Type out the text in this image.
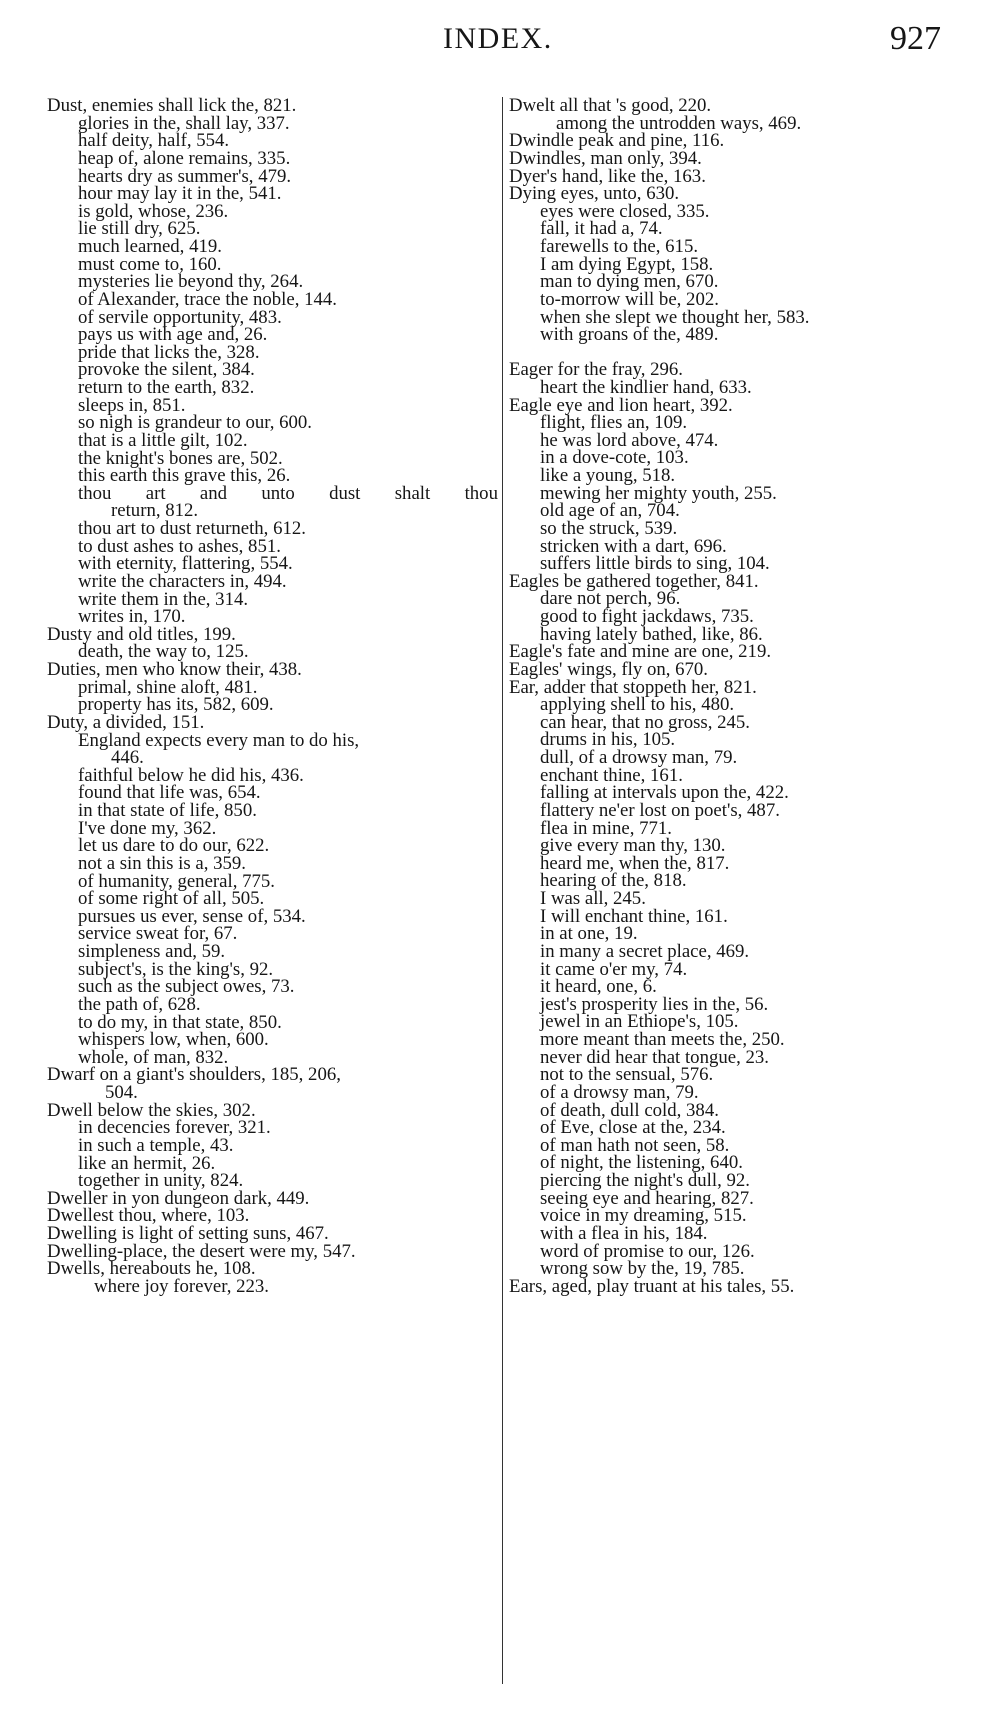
INDEX.	927
Dust, enemies shall lick the, 821.
glories in the, shall lay, 337.
half deity, half, 554.
heap of, alone remains, 335.
hearts dry as summer's, 479.
hour may lay it in the, 541.
is gold, whose, 236.
lie still dry, 625.
much learned, 419.
must come to, 160.
mysteries lie beyond thy, 264.
of Alexander, trace the noble, 144.
of servile opportunity, 483.
pays us with age and, 26.
pride that licks the, 328.
provoke the silent, 384.
return to the earth, 832.
sleeps in, 851.
so nigh is grandeur to our, 600.
that is a little gilt, 102.
the knight's bones are, 502.
this earth this grave this, 26.
thou art and unto dust shalt thou
return, 812.
thou art to dust returneth, 612.
to dust ashes to ashes, 851.
with eternity, flattering, 554.
write the characters in, 494.
write them in the, 314.
writes in, 170.
Dusty and old titles, 199.
death, the way to, 125.
Duties, men who know their, 438.
primal, shine aloft, 481.
property has its, 582, 609.
Duty, a divided, 151.
England expects every man to do his,
446.
faithful below he did his, 436.
found that life was, 654.
in that state of life, 850.
I've done my, 362.
let us dare to do our, 622.
not a sin this is a, 359.
of humanity, general, 775.
of some right of all, 505.
pursues us ever, sense of, 534.
service sweat for, 67.
simpleness and, 59.
subject's, is the king's, 92.
such as the subject owes, 73.
the path of, 628.
to do my, in that state, 850.
whispers low, when, 600.
whole, of man, 832.
Dwarf on a giant's shoulders, 185, 206,
504.
Dwell below the skies, 302.
in decencies forever, 321.
in such a temple, 43.
like an hermit, 26.
together in unity, 824.
Dweller in yon dungeon dark, 449.
Dwellest thou, where, 103.
Dwelling is light of setting suns, 467.
Dwelling-place, the desert were my, 547.
Dwells, hereabouts he, 108.
where joy forever, 223.
Dwelt all that 's good, 220.
among the untrodden ways, 469.
Dwindle peak and pine, 116.
Dwindles, man only, 394.
Dyer's hand, like the, 163.
Dying eyes, unto, 630.
eyes were closed, 335.
fall, it had a, 74.
farewells to the, 615.
I am dying Egypt, 158.
man to dying men, 670.
to-morrow will be, 202.
when she slept we thought her, 583.
with groans of the, 489.
Eager for the fray, 296.
heart the kindlier hand, 633.
Eagle eye and lion heart, 392.
flight, flies an, 109.
he was lord above, 474.
in a dove-cote, 103.
like a young, 518.
mewing her mighty youth, 255.
old age of an, 704.
so the struck, 539.
stricken with a dart, 696.
suffers little birds to sing, 104.
Eagles be gathered together, 841.
dare not perch, 96.
good to fight jackdaws, 735.
having lately bathed, like, 86.
Eagle's fate and mine are one, 219.
Eagles' wings, fly on, 670.
Ear, adder that stoppeth her, 821.
applying shell to his, 480.
can hear, that no gross, 245.
drums in his, 105.
dull, of a drowsy man, 79.
enchant thine, 161.
falling at intervals upon the, 422.
flattery ne'er lost on poet's, 487.
flea in mine, 771.
give every man thy, 130.
heard me, when the, 817.
hearing of the, 818.
I was all, 245.
I will enchant thine, 161.
in at one, 19.
in many a secret place, 469.
it came o'er my, 74.
it heard, one, 6.
jest's prosperity lies in the, 56.
jewel in an Ethiope's, 105.
more meant than meets the, 250.
never did hear that tongue, 23.
not to the sensual, 576.
of a drowsy man, 79.
of death, dull cold, 384.
of Eve, close at the, 234.
of man hath not seen, 58.
of night, the listening, 640.
piercing the night's dull, 92.
seeing eye and hearing, 827.
voice in my dreaming, 515.
with a flea in his, 184.
word of promise to our, 126.
wrong sow by the, 19, 785.
Ears, aged, play truant at his tales, 55.
